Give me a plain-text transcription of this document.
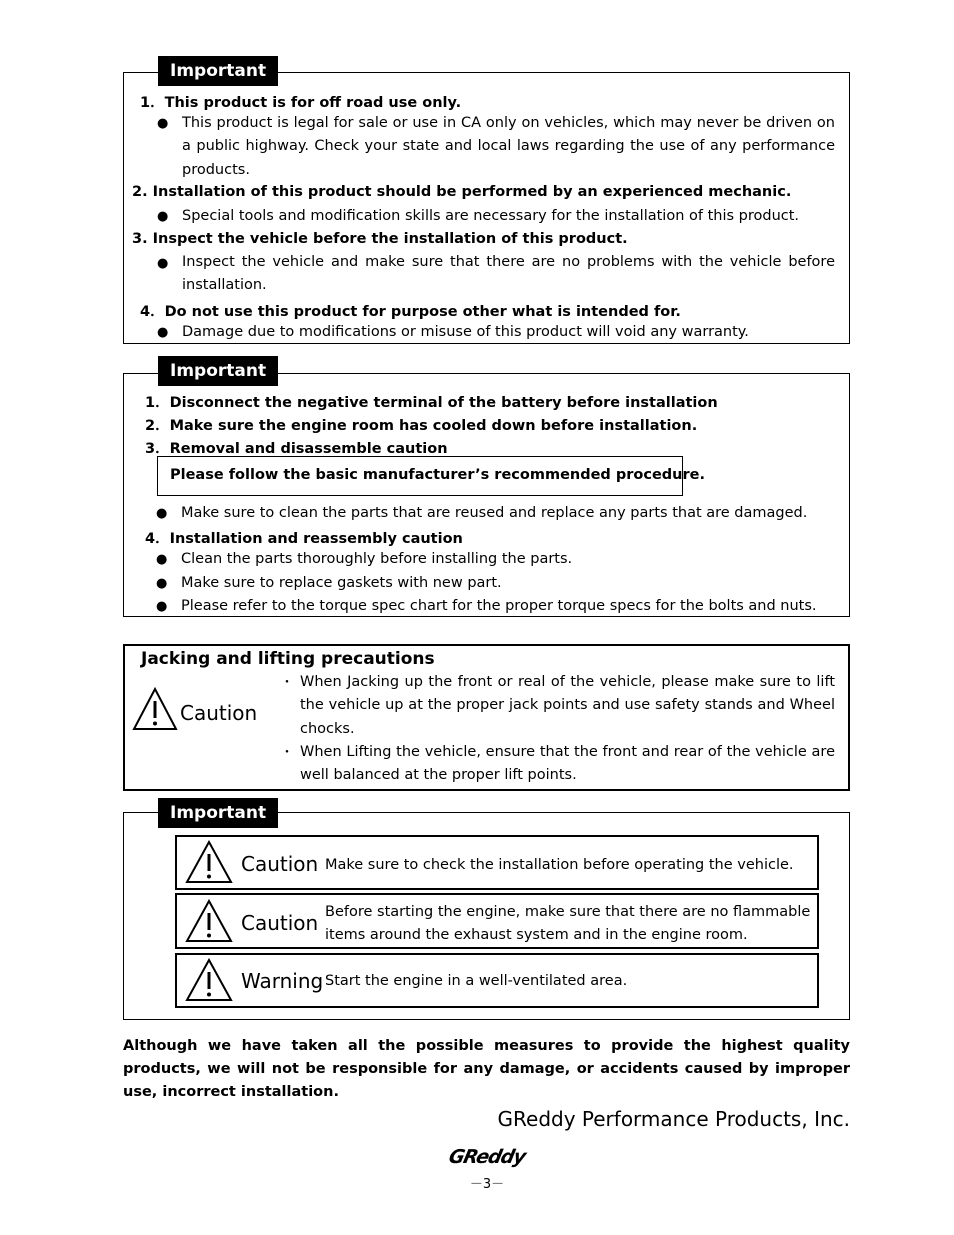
Important
1．This product is for off road use only.
● This product is legal for sale or use in CA only on vehicles, which may never be driven on a public highway. Check your state and local laws regarding the use of any performance products.
2. Installation of this product should be performed by an experienced mechanic.
● Special tools and modification skills are necessary for the installation of this product.
3. Inspect the vehicle before the installation of this product.
● Inspect the vehicle and make sure that there are no problems with the vehicle before installation.
4．Do not use this product for purpose other what is intended for.
● Damage due to modifications or misuse of this product will void any warranty.
Important
1．Disconnect the negative terminal of the battery before installation
2．Make sure the engine room has cooled down before installation.
3．Removal and disassemble caution
Please follow the basic manufacturer’s recommended procedure.
● Make sure to clean the parts that are reused and replace any parts that are damaged.
4．Installation and reassembly caution
● Clean the parts thoroughly before installing the parts.
● Make sure to replace gaskets with new part.
● Please refer to the torque spec chart for the proper torque specs for the bolts and nuts.
Jacking and lifting precautions
Caution
・ When Jacking up the front or real of the vehicle, please make sure to lift the vehicle up at the proper jack points and use safety stands and Wheel chocks.
・ When Lifting the vehicle, ensure that the front and rear of the vehicle are well balanced at the proper lift points.
Important
Caution Make sure to check the installation before operating the vehicle.
Caution Before starting the engine, make sure that there are no flammable items around the exhaust system and in the engine room.
Warning Start the engine in a well-ventilated area.
Although we have taken all the possible measures to provide the highest quality products, we will not be responsible for any damage, or accidents caused by improper use, incorrect installation.
GReddy Performance Products, Inc.
GReddy
－3－
